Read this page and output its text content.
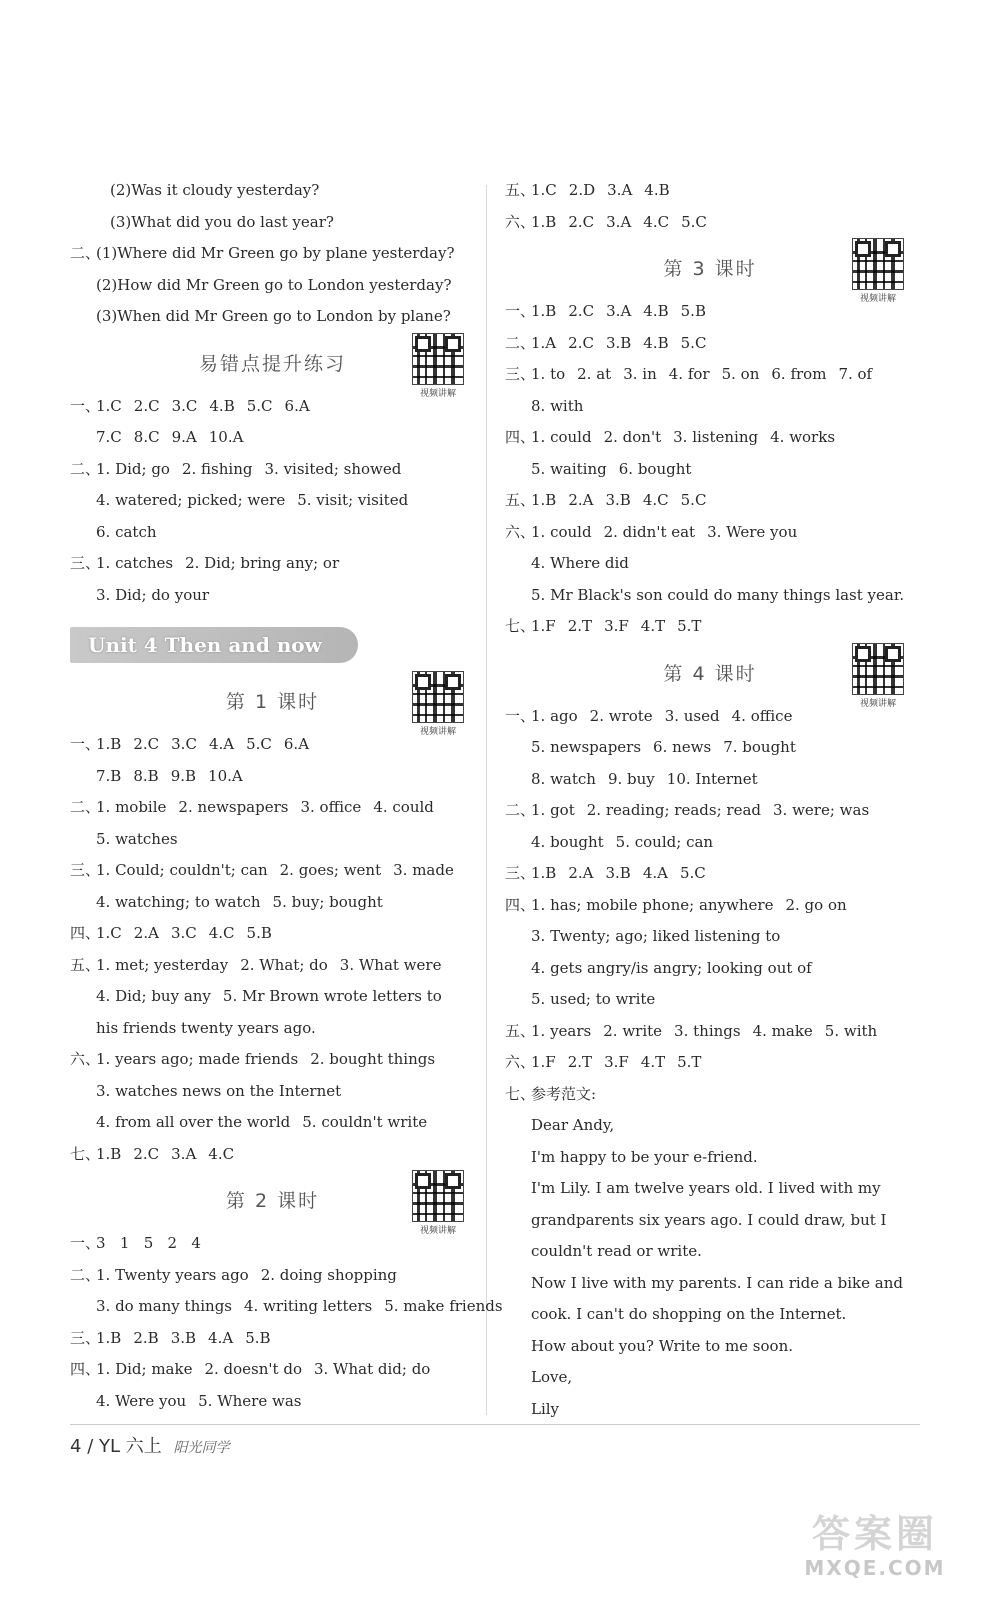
(2)Was it cloudy yesterday?
(3)What did you do last year?
二、(1)Where did Mr Green go by plane yesterday?
(2)How did Mr Green go to London yesterday?
(3)When did Mr Green go to London by plane?
易错点提升练习
视频讲解
一、1.C 2.C 3.C 4.B 5.C 6.A
7.C 8.C 9.A 10.A
二、1. Did; go 2. fishing 3. visited; showed
4. watered; picked; were 5. visit; visited
6. catch
三、1. catches 2. Did; bring any; or
3. Did; do your
Unit 4 Then and now
第 1 课时
视频讲解
一、1.B 2.C 3.C 4.A 5.C 6.A
7.B 8.B 9.B 10.A
二、1. mobile 2. newspapers 3. office 4. could
5. watches
三、1. Could; couldn't; can 2. goes; went 3. made
4. watching; to watch 5. buy; bought
四、1.C 2.A 3.C 4.C 5.B
五、1. met; yesterday 2. What; do 3. What were
4. Did; buy any 5. Mr Brown wrote letters to
his friends twenty years ago.
六、1. years ago; made friends 2. bought things
3. watches news on the Internet
4. from all over the world 5. couldn't write
七、1.B 2.C 3.A 4.C
第 2 课时
视频讲解
一、3   1   5   2   4
二、1. Twenty years ago 2. doing shopping
3. do many things 4. writing letters 5. make friends
三、1.B 2.B 3.B 4.A 5.B
四、1. Did; make 2. doesn't do 3. What did; do
4. Were you 5. Where was
五、1.C 2.D 3.A 4.B
六、1.B 2.C 3.A 4.C 5.C
第 3 课时
视频讲解
一、1.B 2.C 3.A 4.B 5.B
二、1.A 2.C 3.B 4.B 5.C
三、1. to 2. at 3. in 4. for 5. on 6. from 7. of
8. with
四、1. could 2. don't 3. listening 4. works
5. waiting 6. bought
五、1.B 2.A 3.B 4.C 5.C
六、1. could 2. didn't eat 3. Were you
4. Where did
5. Mr Black's son could do many things last year.
七、1.F 2.T 3.F 4.T 5.T
第 4 课时
视频讲解
一、1. ago 2. wrote 3. used 4. office
5. newspapers 6. news 7. bought
8. watch 9. buy 10. Internet
二、1. got 2. reading; reads; read 3. were; was
4. bought 5. could; can
三、1.B 2.A 3.B 4.A 5.C
四、1. has; mobile phone; anywhere 2. go on
3. Twenty; ago; liked listening to
4. gets angry/is angry; looking out of
5. used; to write
五、1. years 2. write 3. things 4. make 5. with
六、1.F 2.T 3.F 4.T 5.T
七、参考范文:
Dear Andy,
I'm happy to be your e-friend.
I'm Lily. I am twelve years old. I lived with my
grandparents six years ago. I could draw, but I
couldn't read or write.
Now I live with my parents. I can ride a bike and
cook. I can't do shopping on the Internet.
How about you? Write to me soon.
Love,
Lily
4 / YL 六上 阳光同学
答案圈
MXQE.COM
